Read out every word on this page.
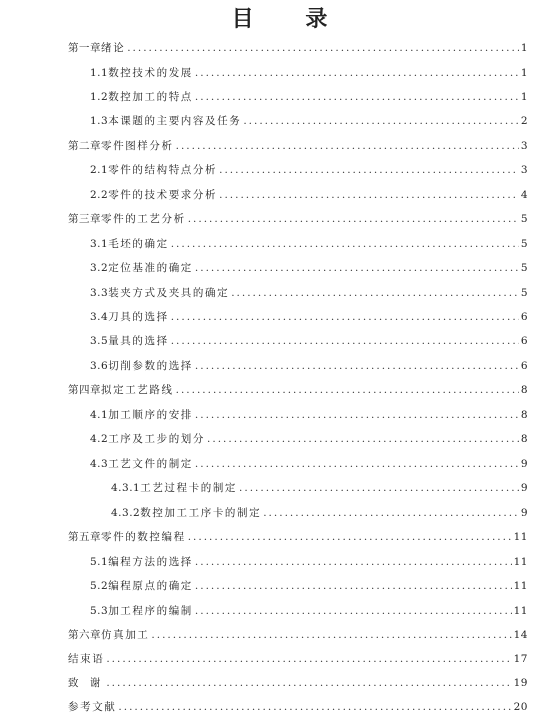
目 录
第一章 绪论 .....	1
1.1 数控技术的发展 .....	1
1.2 数控加工的特点 .....	1
1.3 本课题的主要内容及任务 .....	2
第二章 零件图样分析 .....	3
2.1 零件的结构特点分析 .....	3
2.2 零件的技术要求分析 .....	4
第三章 零件的工艺分析 .....	5
3.1 毛坯的确定 .....	5
3.2 定位基准的确定 .....	5
3.3 装夹方式及夹具的确定 .....	5
3.4 刀具的选择 .....	6
3.5 量具的选择 .....	6
3.6 切削参数的选择 .....	6
第四章 拟定工艺路线 .....	8
4.1 加工顺序的安排 .....	8
4.2 工序及工步的划分 .....	8
4.3 工艺文件的制定 .....	9
4.3.1 工艺过程卡的制定 .....	9
4.3.2 数控加工工序卡的制定 .....	9
第五章 零件的数控编程 .....	11
5.1 编程方法的选择 .....	11
5.2 编程原点的确定 .....	11
5.3 加工程序的编制 .....	11
第六章 仿真加工 .....	14
结束语 .....	17
致 谢 .....	19
参考文献 .....	20
